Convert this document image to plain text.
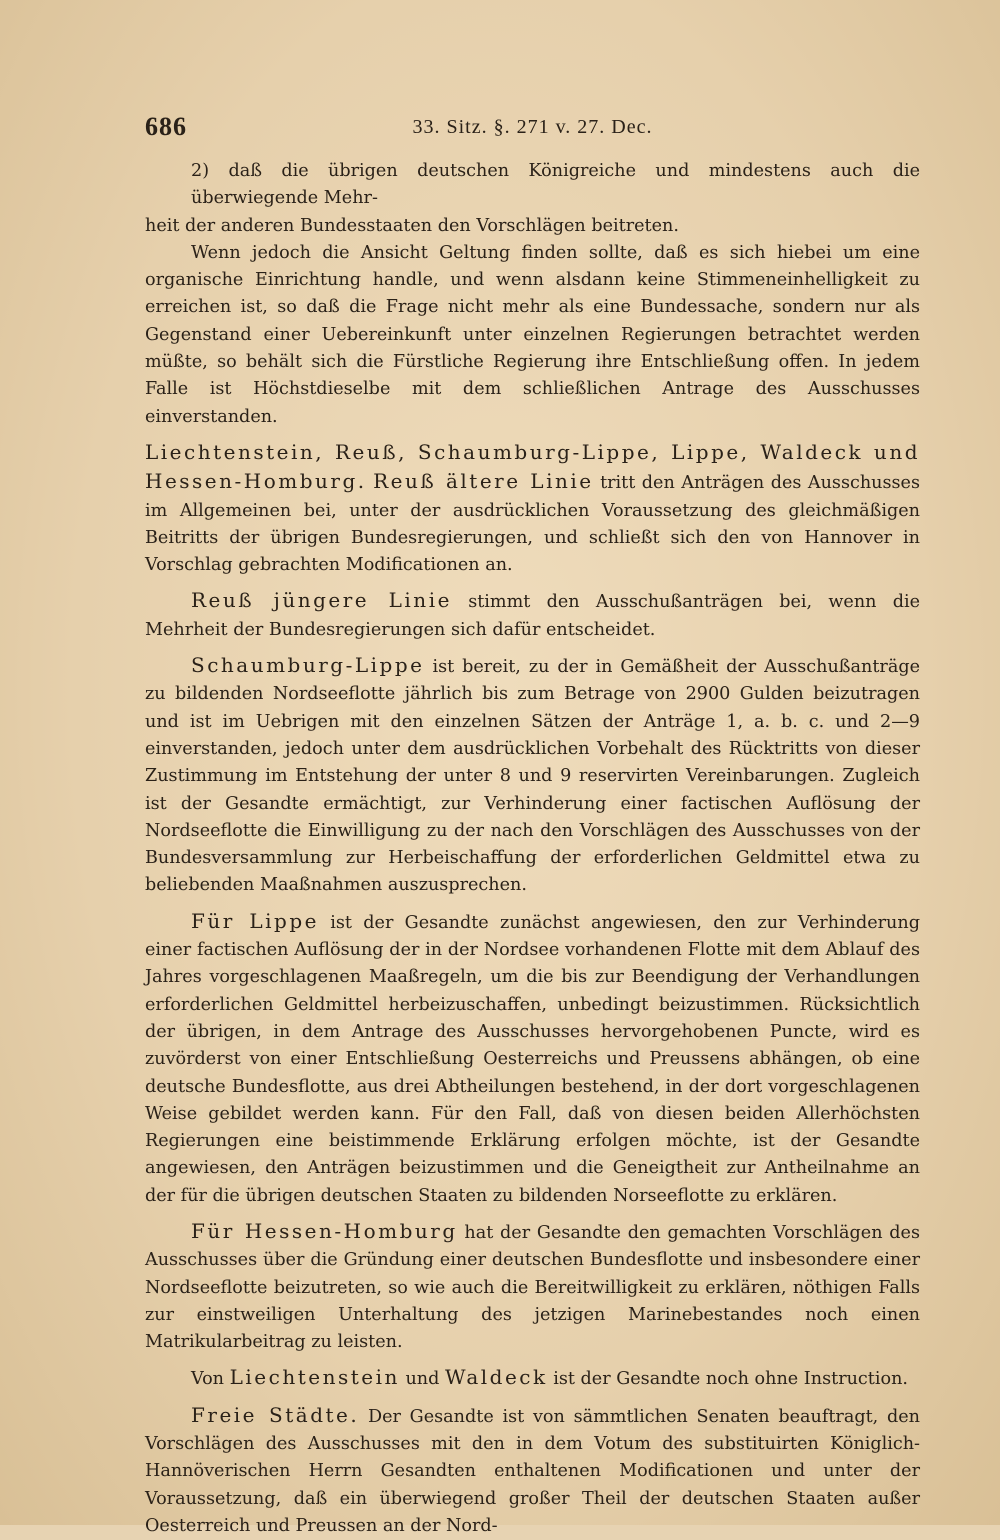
686	33. Sitz. §. 271 v. 27. Dec.

2) daß die übrigen deutschen Königreiche und mindestens auch die überwiegende Mehr-

heit der anderen Bundesstaaten den Vorschlägen beitreten.

Wenn jedoch die Ansicht Geltung finden sollte, daß es sich hiebei um eine organische Einrichtung handle, und wenn alsdann keine Stimmeneinhelligkeit zu erreichen ist, so daß die Frage nicht mehr als eine Bundessache, sondern nur als Gegenstand einer Uebereinkunft unter einzelnen Regierungen betrachtet werden müßte, so behält sich die Fürstliche Regierung ihre Entschließung offen. In jedem Falle ist Höchstdieselbe mit dem schließlichen Antrage des Ausschusses einverstanden.

Liechtenstein, Reuß, Schaumburg-Lippe, Lippe, Waldeck und Hessen-Homburg. Reuß ältere Linie tritt den Anträgen des Ausschusses im Allgemeinen bei, unter der ausdrücklichen Voraussetzung des gleichmäßigen Beitritts der übrigen Bundesregierungen, und schließt sich den von Hannover in Vorschlag gebrachten Modificationen an.

Reuß jüngere Linie stimmt den Ausschußanträgen bei, wenn die Mehrheit der Bundesregierungen sich dafür entscheidet.

Schaumburg-Lippe ist bereit, zu der in Gemäßheit der Ausschußanträge zu bildenden Nordseeflotte jährlich bis zum Betrage von 2900 Gulden beizutragen und ist im Uebrigen mit den einzelnen Sätzen der Anträge 1, a. b. c. und 2—9 einverstanden, jedoch unter dem ausdrücklichen Vorbehalt des Rücktritts von dieser Zustimmung im Entstehung der unter 8 und 9 reservirten Vereinbarungen. Zugleich ist der Gesandte ermächtigt, zur Verhinderung einer factischen Auflösung der Nordseeflotte die Einwilligung zu der nach den Vorschlägen des Ausschusses von der Bundesversammlung zur Herbeischaffung der erforderlichen Geldmittel etwa zu beliebenden Maaßnahmen auszusprechen.

Für Lippe ist der Gesandte zunächst angewiesen, den zur Verhinderung einer factischen Auflösung der in der Nordsee vorhandenen Flotte mit dem Ablauf des Jahres vorgeschlagenen Maaßregeln, um die bis zur Beendigung der Verhandlungen erforderlichen Geldmittel herbeizuschaffen, unbedingt beizustimmen. Rücksichtlich der übrigen, in dem Antrage des Ausschusses hervorgehobenen Puncte, wird es zuvörderst von einer Entschließung Oesterreichs und Preussens abhängen, ob eine deutsche Bundesflotte, aus drei Abtheilungen bestehend, in der dort vorgeschlagenen Weise gebildet werden kann. Für den Fall, daß von diesen beiden Allerhöchsten Regierungen eine beistimmende Erklärung erfolgen möchte, ist der Gesandte angewiesen, den Anträgen beizustimmen und die Geneigtheit zur Antheilnahme an der für die übrigen deutschen Staaten zu bildenden Norseeflotte zu erklären.

Für Hessen-Homburg hat der Gesandte den gemachten Vorschlägen des Ausschusses über die Gründung einer deutschen Bundesflotte und insbesondere einer Nordseeflotte beizutreten, so wie auch die Bereitwilligkeit zu erklären, nöthigen Falls zur einstweiligen Unterhaltung des jetzigen Marinebestandes noch einen Matrikularbeitrag zu leisten.

Von Liechtenstein und Waldeck ist der Gesandte noch ohne Instruction.

Freie Städte. Der Gesandte ist von sämmtlichen Senaten beauftragt, den Vorschlägen des Ausschusses mit den in dem Votum des substituirten Königlich-Hannöverischen Herrn Gesandten enthaltenen Modificationen und unter der Voraussetzung, daß ein überwiegend großer Theil der deutschen Staaten außer Oesterreich und Preussen an der Nord-
